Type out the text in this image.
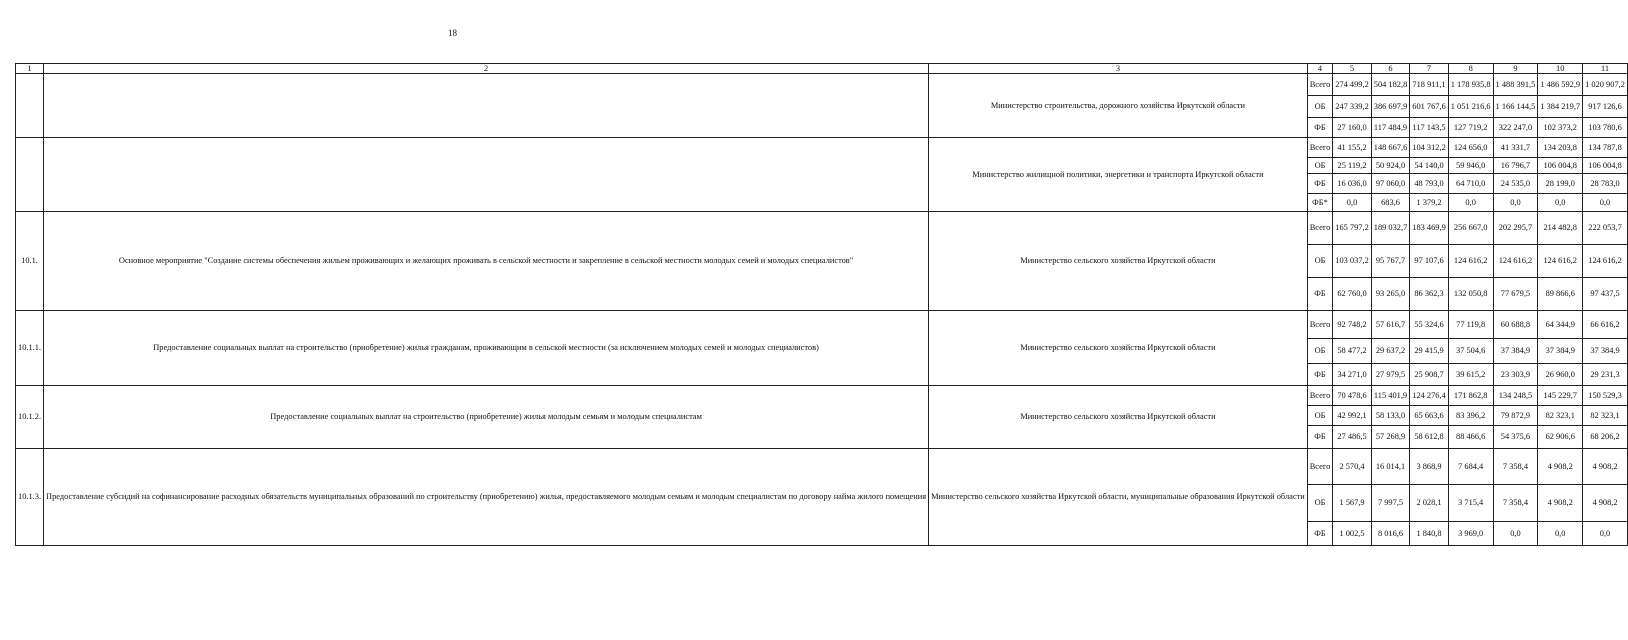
18
1	2	3	4	5	6	7	8	9	10	11
		Министерство строительства, дорожного хозяйства Иркутской области	Всего	274 499,2	504 182,8	718 911,1	1 178 935,8	1 488 391,5	1 486 592,9	1 020 907,2
			ОБ	247 339,2	386 697,9	601 767,6	1 051 216,6	1 166 144,5	1 384 219,7	917 126,6
			ФБ	27 160,0	117 484,9	117 143,5	127 719,2	322 247,0	102 373,2	103 780,6
		Министерство жилищной политики, энергетики и транспорта Иркутской области	Всего	41 155,2	148 667,6	104 312,2	124 656,0	41 331,7	134 203,8	134 787,8
			ОБ	25 119,2	50 924,0	54 140,0	59 946,0	16 796,7	106 004,8	106 004,8
			ФБ	16 036,0	97 060,0	48 793,0	64 710,0	24 535,0	28 199,0	28 783,0
			ФБ*	0,0	683,6	1 379,2	0,0	0,0	0,0	0,0
10.1.	Основное мероприятие "Создание системы обеспечения жильем проживающих и желающих проживать в сельской местности и закрепление в сельской местности молодых семей и молодых специалистов"	Министерство сельского хозяйства Иркутской области	Всего	165 797,2	189 032,7	183 469,9	256 667,0	202 295,7	214 482,8	222 053,7
			ОБ	103 037,2	95 767,7	97 107,6	124 616,2	124 616,2	124 616,2	124 616,2
			ФБ	62 760,0	93 265,0	86 362,3	132 050,8	77 679,5	89 866,6	97 437,5
10.1.1.	Предоставление социальных выплат на строительство (приобретение) жилья гражданам, проживающим в сельской местности (за исключением молодых семей и молодых специалистов)	Министерство сельского хозяйства Иркутской области	Всего	92 748,2	57 616,7	55 324,6	77 119,8	60 688,8	64 344,9	66 616,2
			ОБ	58 477,2	29 637,2	29 415,9	37 504,6	37 384,9	37 384,9	37 384,9
			ФБ	34 271,0	27 979,5	25 908,7	39 615,2	23 303,9	26 960,0	29 231,3
10.1.2.	Предоставление социальных выплат на строительство (приобретение) жилья молодым семьям и молодым специалистам	Министерство сельского хозяйства Иркутской области	Всего	70 478,6	115 401,9	124 276,4	171 862,8	134 248,5	145 229,7	150 529,3
			ОБ	42 992,1	58 133,0	65 663,6	83 396,2	79 872,9	82 323,1	82 323,1
			ФБ	27 486,5	57 268,9	58 612,8	88 466,6	54 375,6	62 906,6	68 206,2
10.1.3.	Предоставление субсидий на софинансирование расходных обязательств муниципальных образований по строительству (приобретению) жилья, предоставляемого молодым семьям и молодым специалистам по договору найма жилого помещения	Министерство сельского хозяйства Иркутской области, муниципальные образования Иркутской области	Всего	2 570,4	16 014,1	3 868,9	7 684,4	7 358,4	4 908,2	4 908,2
			ОБ	1 567,9	7 997,5	2 028,1	3 715,4	7 358,4	4 908,2	4 908,2
			ФБ	1 002,5	8 016,6	1 840,8	3 969,0	0,0	0,0	0,0
